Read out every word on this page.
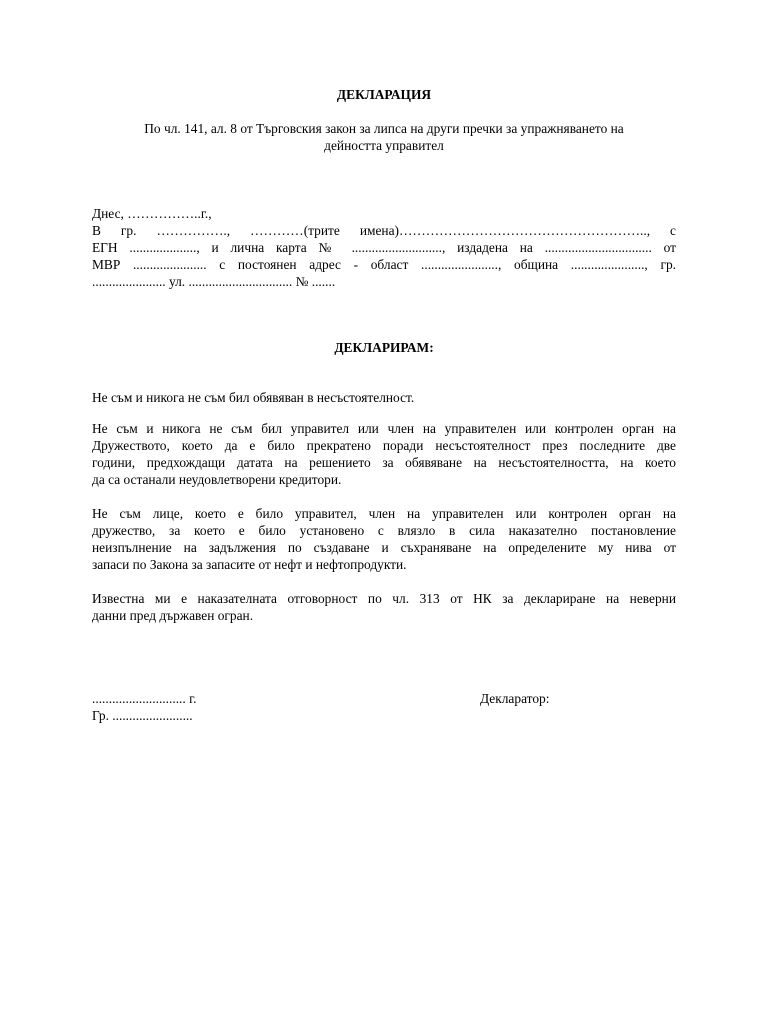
ДЕКЛАРАЦИЯ
По чл. 141, ал. 8 от Търговския закон за липса на други пречки за упражняването на
дейността управител
Днес, ……………..г.,
В гр. ……………., …………(трите имена)……………………………………………….., с
ЕГН ...................., и лична карта № ..........................., издадена на ................................ от
МВР ...................... с постоянен адрес - област ......................., община ......................, гр.
...................... ул. ............................... № .......
ДЕКЛАРИРАМ:
Не съм и никога не съм бил обявяван в несъстоятелност.
Не съм и никога не съм бил управител или член на управителен или контролен орган на
Дружеството, което да е било прекратено поради несъстоятелност през последните две
години, предхождащи датата на решението за обявяване на несъстоятелността, на което
да са останали неудовлетворени кредитори.
Не съм лице, което е било управител, член на управителен или контролен орган на
дружество, за което е било установено с влязло в сила наказателно постановление
неизпълнение на задължения по създаване и съхраняване на определените му нива от
запаси по Закона за запасите от нефт и нефтопродукти.
Известна ми е наказателната отговорност по чл. 313 от НК за деклариране на неверни
данни пред държавен огран.
............................ г.
Гр. ........................
Декларатор:
